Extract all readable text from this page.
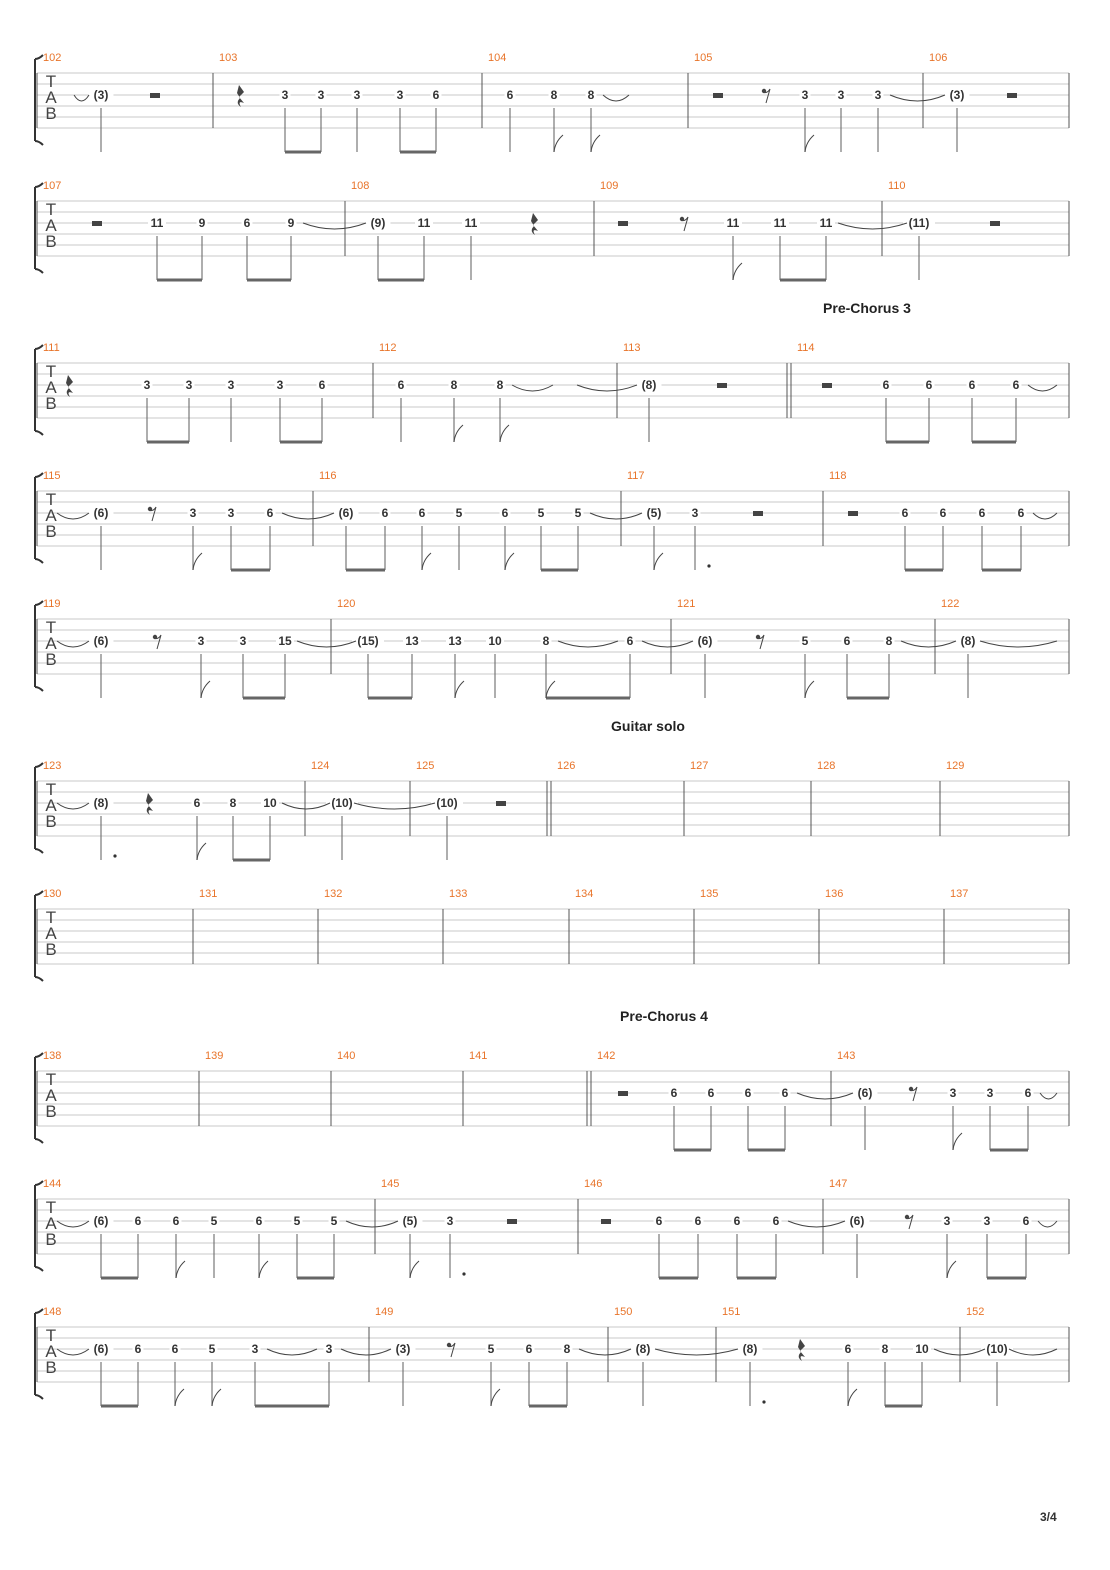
T
A
B
102
(3)
103
3 3 3	3 6
104
6	8	8
105
3 3	3
106
(3)
T
A
B
107
11	9	6	9
108
(9)	11	11
109
11	11	11
110
(11)
T
A
B
Pre-Chorus 3
111
3	3	3	3	6
112
6	8	8
113
(8)
114
6	6	6	6
T
A
B
115
(6)	3	3	6
116
(6) 6	6	5	6 5	5
117
(5)	3
118
6	6	6	6
T
A
B
119
(6)	3	3	15
120
(15) 13 13 10	8	6
121
(6)	5	6	8
122
(8)
T
A
B
Guitar solo
123
(8)	6 8 10
124
(10)
125
(10)
126	127	128	129
T
A
B
130	131	132	133	134	135	136	137
T
A
B
Pre-Chorus 4
138	139	140	141	142
6	6	6	6
143
(6)	3	3	6
T
A
B
144
(6) 6	6	5	6	5	5
145
(5) 3
146
6	6	6	6
147
(6)	3	3	6
T
A
B
148
(6) 6	6	5	3	3
149
(3)	5	6	8
150
(8)
151
(8)	6	8 10
152
(10)
3/4
